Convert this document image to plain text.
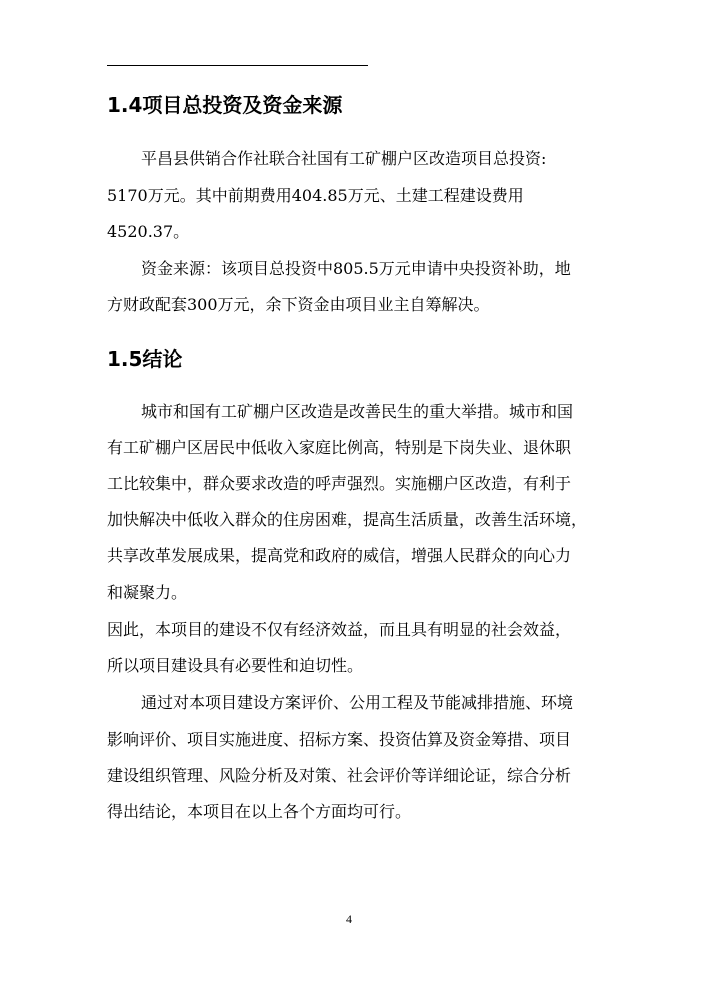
1.4项目总投资及资金来源

平昌县供销合作社联合社国有工矿棚户区改造项目总投资:

5170万元。其中前期费用404.85万元、土建工程建设费用

4520.37。

资金来源：该项目总投资中805.5万元申请中央投资补助，地

方财政配套300万元，余下资金由项目业主自筹解决。

1.5结论

城市和国有工矿棚户区改造是改善民生的重大举措。城市和国

有工矿棚户区居民中低收入家庭比例高，特别是下岗失业、退休职

工比较集中，群众要求改造的呼声强烈。实施棚户区改造，有利于

加快解决中低收入群众的住房困难，提高生活质量，改善生活环境，

共享改革发展成果，提高党和政府的威信，增强人民群众的向心力

和凝聚力。

因此，本项目的建设不仅有经济效益，而且具有明显的社会效益，

所以项目建设具有必要性和迫切性。

通过对本项目建设方案评价、公用工程及节能减排措施、环境

影响评价、项目实施进度、招标方案、投资估算及资金筹措、项目

建设组织管理、风险分析及对策、社会评价等详细论证，综合分析

得出结论，本项目在以上各个方面均可行。

4
